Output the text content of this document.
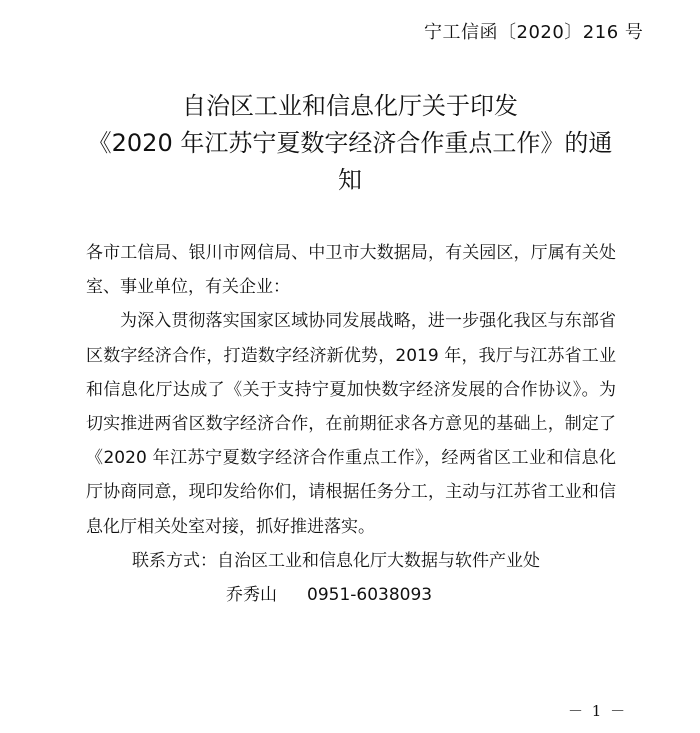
宁工信函〔2020〕216 号
自治区工业和信息化厅关于印发
《2020 年江苏宁夏数字经济合作重点工作》的通
知

各市工信局、银川市网信局、中卫市大数据局，有关园区，厅属有关处室、事业单位，有关企业：

为深入贯彻落实国家区域协同发展战略，进一步强化我区与东部省区数字经济合作，打造数字经济新优势，2019 年，我厅与江苏省工业和信息化厅达成了《关于支持宁夏加快数字经济发展的合作协议》。为切实推进两省区数字经济合作，在前期征求各方意见的基础上，制定了《2020 年江苏宁夏数字经济合作重点工作》，经两省区工业和信息化厅协商同意，现印发给你们，请根据任务分工，主动与江苏省工业和信息化厅相关处室对接，抓好推进落实。

联系方式：自治区工业和信息化厅大数据与软件产业处

乔秀山 0951-6038093

－ 1 －
